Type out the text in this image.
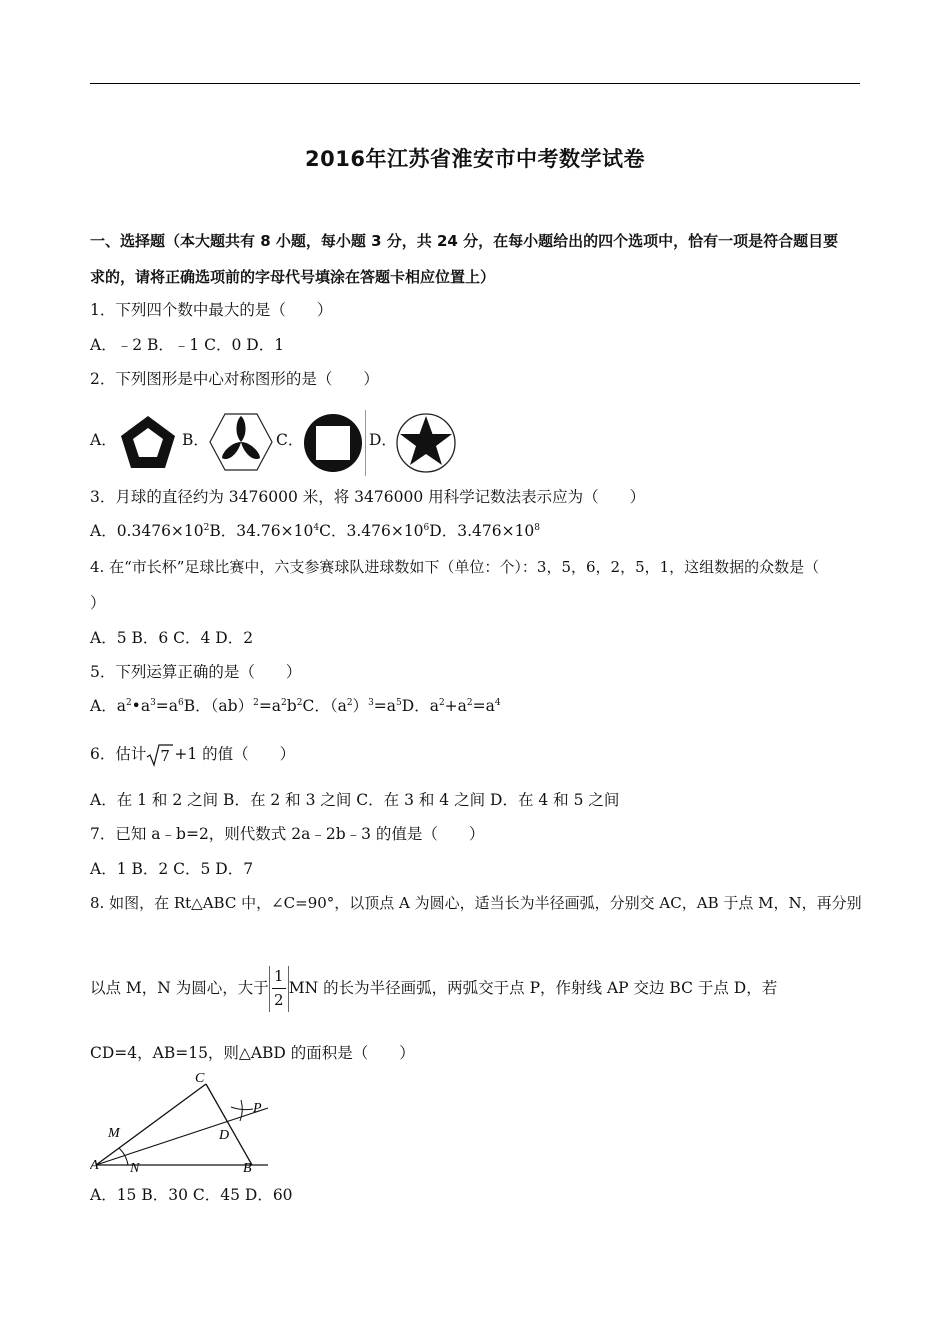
2016年江苏省淮安市中考数学试卷
一、选择题（本大题共有 8 小题，每小题 3 分，共 24 分，在每小题给出的四个选项中，恰有一项是符合题目要
求的，请将正确选项前的字母代号填涂在答题卡相应位置上）
1．下列四个数中最大的是（　　）
A．﹣2 B．﹣1 C．0 D．1
2．下列图形是中心对称图形的是（　　）
A．	B．	C．	D．
3．月球的直径约为 3476000 米，将 3476000 用科学记数法表示应为（　　）
A．$0.3476\times 10^2B$．$34.76\times 10^4C$．$3.476\times 10^6D$．$3.476\times 10^8$
4. 在“市长杯”足球比赛中，六支参赛球队进球数如下（单位：个）：3，5，6，2，5，1，这组数据的众数是（
）
A．5 B．6 C．4 D．2
5．下列运算正确的是（　　）
A．$a^2•a^3=a^6B$．$(ab)^2=a^2b^2C$．$(a^2)^3=a^5D$．$a^2+a^2=a^4$
6．估计 7 +1 的值（　　）
A．在 1 和 2 之间 B．在 2 和 3 之间 C．在 3 和 4 之间 D．在 4 和 5 之间
7．已知 a﹣b=2，则代数式 2a﹣2b﹣3 的值是（　　）
A．1 B．2 C．5 D．7
8. 如图，在 Rt△ABC 中，∠C=90°，以顶点 A 为圆心，适当长为半径画弧，分别交 AC，AB 于点 M，N，再分别
以点 M，N 为圆心，大于 $\frac{1}{2}$ MN 的长为半径画弧，两弧交于点 P，作射线 AP 交边 BC 于点 D，若
CD=4，AB=15，则△ABD 的面积是（　　）
C
P
M	D
A N	B
A．15 B．30 C．45 D．60
